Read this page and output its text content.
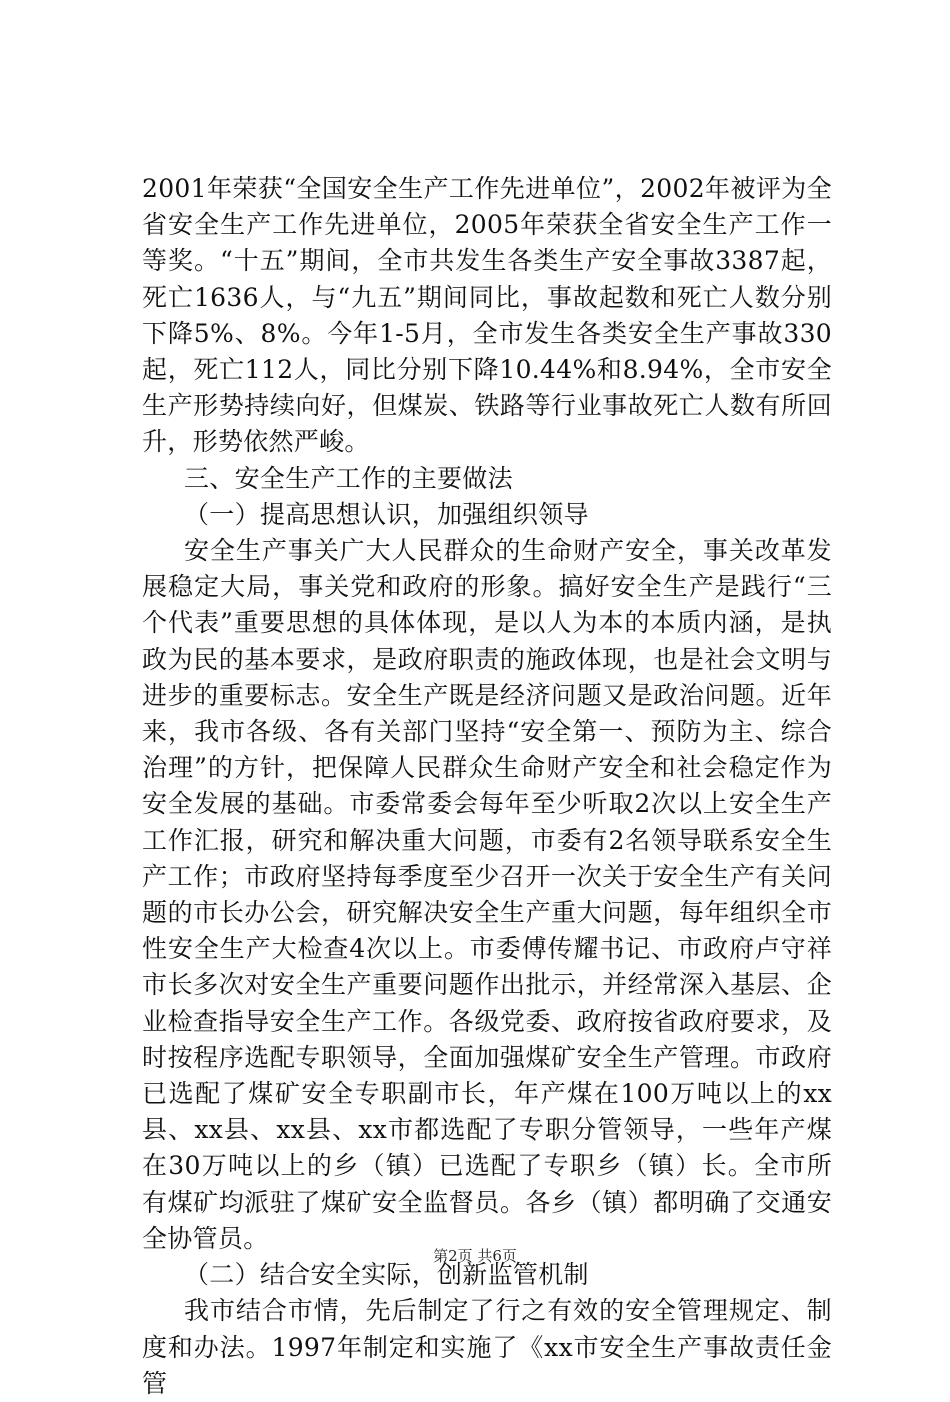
2001年荣获“全国安全生产工作先进单位”，2002年被评为全省安全生产工作先进单位，2005年荣获全省安全生产工作一等奖。“十五”期间，全市共发生各类生产安全事故3387起，死亡1636人，与“九五”期间同比，事故起数和死亡人数分别下降5%、8%。今年1-5月，全市发生各类安全生产事故330起，死亡112人，同比分别下降10.44%和8.94%，全市安全生产形势持续向好，但煤炭、铁路等行业事故死亡人数有所回升，形势依然严峻。

三、安全生产工作的主要做法

（一）提高思想认识，加强组织领导

安全生产事关广大人民群众的生命财产安全，事关改革发展稳定大局，事关党和政府的形象。搞好安全生产是践行“三个代表”重要思想的具体体现，是以人为本的本质内涵，是执政为民的基本要求，是政府职责的施政体现，也是社会文明与进步的重要标志。安全生产既是经济问题又是政治问题。近年来，我市各级、各有关部门坚持“安全第一、预防为主、综合治理”的方针，把保障人民群众生命财产安全和社会稳定作为安全发展的基础。市委常委会每年至少听取2次以上安全生产工作汇报，研究和解决重大问题，市委有2名领导联系安全生产工作；市政府坚持每季度至少召开一次关于安全生产有关问题的市长办公会，研究解决安全生产重大问题，每年组织全市性安全生产大检查4次以上。市委傅传耀书记、市政府卢守祥市长多次对安全生产重要问题作出批示，并经常深入基层、企业检查指导安全生产工作。各级党委、政府按省政府要求，及时按程序选配专职领导，全面加强煤矿安全生产管理。市政府已选配了煤矿安全专职副市长，年产煤在100万吨以上的xx县、xx县、xx县、xx市都选配了专职分管领导，一些年产煤在30万吨以上的乡（镇）已选配了专职乡（镇）长。全市所有煤矿均派驻了煤矿安全监督员。各乡（镇）都明确了交通安全协管员。

（二）结合安全实际，创新监管机制

我市结合市情，先后制定了行之有效的安全管理规定、制度和办法。1997年制定和实施了《xx市安全生产事故责任金管

第2页 共6页
